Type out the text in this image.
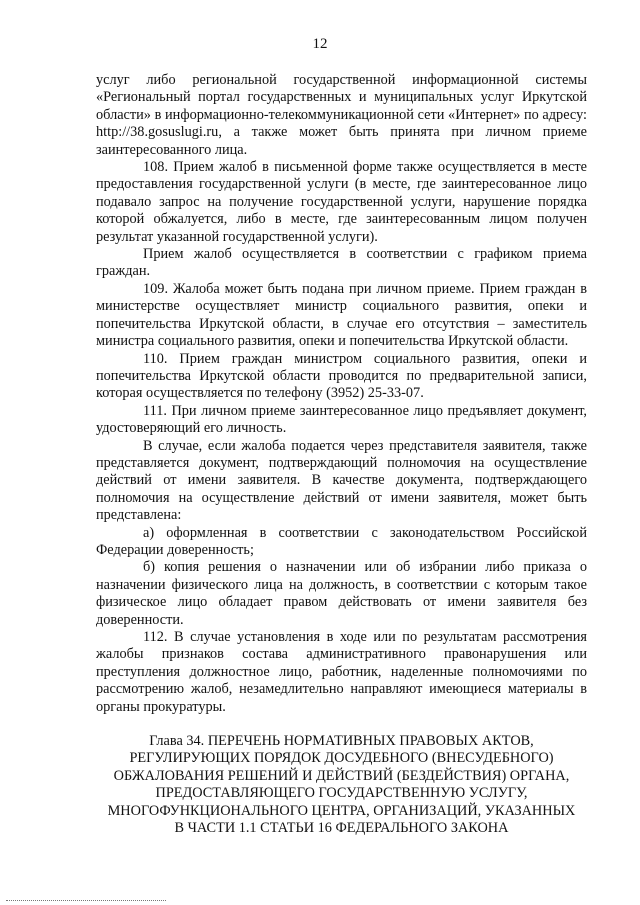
12

услуг либо региональной государственной информационной системы «Региональный портал государственных и муниципальных услуг Иркутской области» в информационно-телекоммуникационной сети «Интернет» по адресу: http://38.gosuslugi.ru, а также может быть принята при личном приеме заинтересованного лица.

108. Прием жалоб в письменной форме также осуществляется в месте предоставления государственной услуги (в месте, где заинтересованное лицо подавало запрос на получение государственной услуги, нарушение порядка которой обжалуется, либо в месте, где заинтересованным лицом получен результат указанной государственной услуги).

Прием жалоб осуществляется в соответствии с графиком приема граждан.

109. Жалоба может быть подана при личном приеме. Прием граждан в министерстве осуществляет министр социального развития, опеки и попечительства Иркутской области, в случае его отсутствия – заместитель министра социального развития, опеки и попечительства Иркутской области.

110. Прием граждан министром социального развития, опеки и попечительства Иркутской области проводится по предварительной записи, которая осуществляется по телефону (3952) 25-33-07.

111. При личном приеме заинтересованное лицо предъявляет документ, удостоверяющий его личность.

В случае, если жалоба подается через представителя заявителя, также представляется документ, подтверждающий полномочия на осуществление действий от имени заявителя. В качестве документа, подтверждающего полномочия на осуществление действий от имени заявителя, может быть представлена:

а) оформленная в соответствии с законодательством Российской Федерации доверенность;

б) копия решения о назначении или об избрании либо приказа о назначении физического лица на должность, в соответствии с которым такое физическое лицо обладает правом действовать от имени заявителя без доверенности.

112. В случае установления в ходе или по результатам рассмотрения жалобы признаков состава административного правонарушения или преступления должностное лицо, работник, наделенные полномочиями по рассмотрению жалоб, незамедлительно направляют имеющиеся материалы в органы прокуратуры.

Глава 34. ПЕРЕЧЕНЬ НОРМАТИВНЫХ ПРАВОВЫХ АКТОВ,
РЕГУЛИРУЮЩИХ ПОРЯДОК ДОСУДЕБНОГО (ВНЕСУДЕБНОГО)
ОБЖАЛОВАНИЯ РЕШЕНИЙ И ДЕЙСТВИЙ (БЕЗДЕЙСТВИЯ) ОРГАНА,
ПРЕДОСТАВЛЯЮЩЕГО ГОСУДАРСТВЕННУЮ УСЛУГУ,
МНОГОФУНКЦИОНАЛЬНОГО ЦЕНТРА, ОРГАНИЗАЦИЙ, УКАЗАННЫХ
В ЧАСТИ 1.1 СТАТЬИ 16 ФЕДЕРАЛЬНОГО ЗАКОНА
